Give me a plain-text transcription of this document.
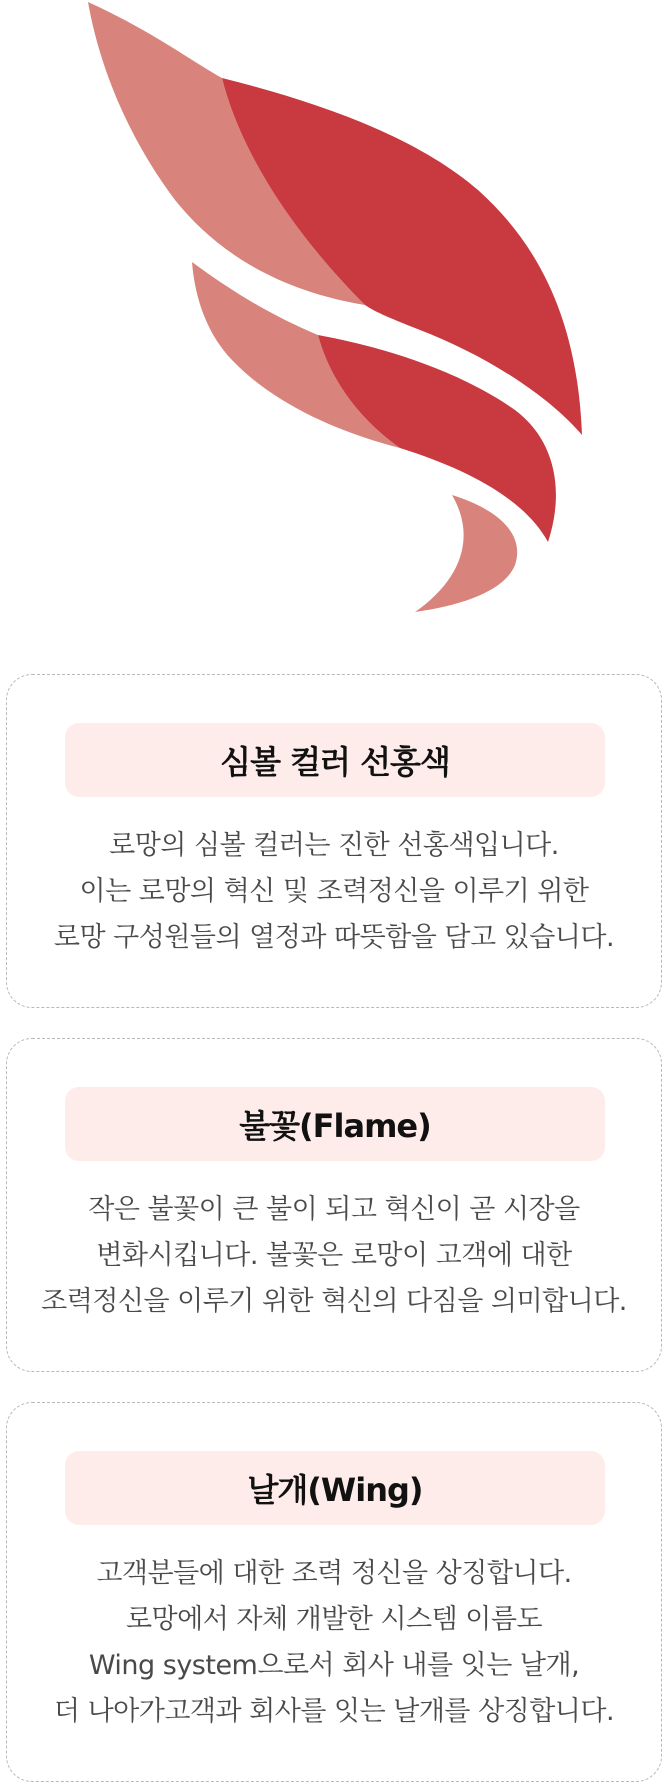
심볼 컬러 선홍색
로망의 심볼 컬러는 진한 선홍색입니다.
이는 로망의 혁신 및 조력정신을 이루기 위한
로망 구성원들의 열정과 따뜻함을 담고 있습니다.
불꽃(Flame)
작은 불꽃이 큰 불이 되고 혁신이 곧 시장을
변화시킵니다. 불꽃은 로망이 고객에 대한
조력정신을 이루기 위한 혁신의 다짐을 의미합니다.
날개(Wing)
고객분들에 대한 조력 정신을 상징합니다.
로망에서 자체 개발한 시스템 이름도
Wing system으로서 회사 내를 잇는 날개,
더 나아가고객과 회사를 잇는 날개를 상징합니다.
